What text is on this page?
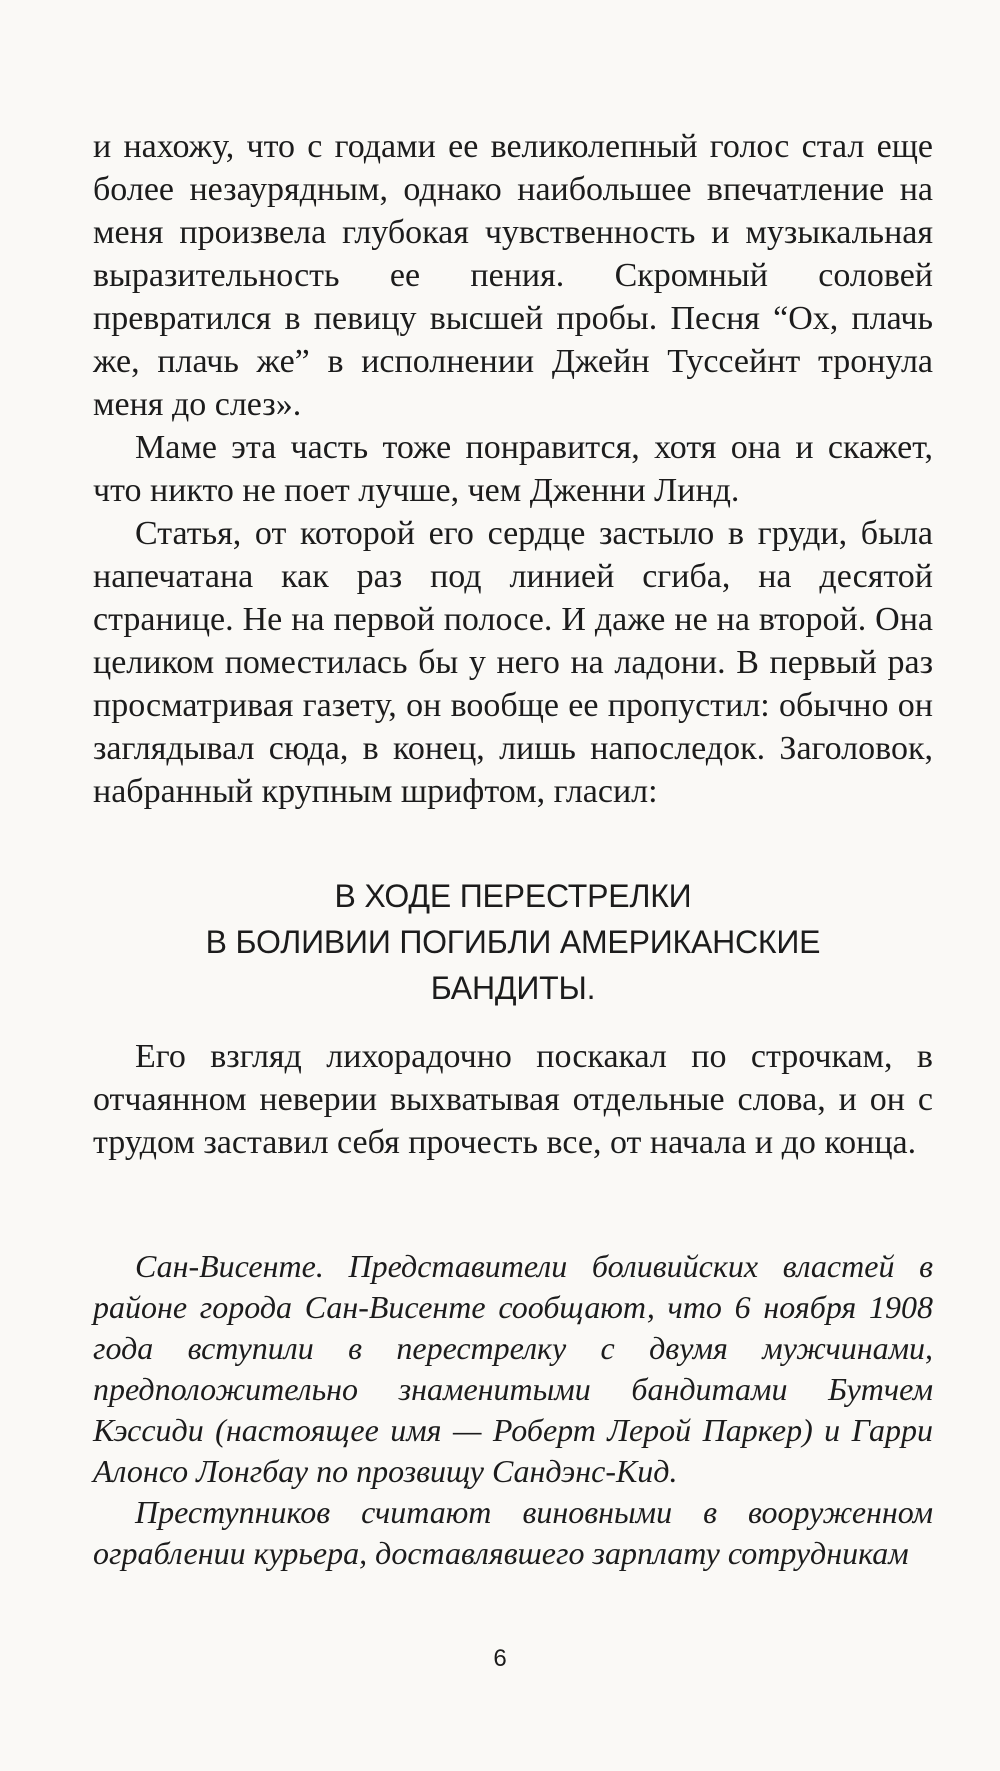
и нахожу, что с годами ее великолепный голос стал еще более незаурядным, однако наибольшее впечатление на меня произвела глубокая чувственность и музыкальная выразительность ее пения. Скромный соловей превратился в певицу высшей пробы. Песня “Ох, плачь же, плачь же” в исполнении Джейн Туссейнт тронула меня до слез».

Маме эта часть тоже понравится, хотя она и скажет, что никто не поет лучше, чем Дженни Линд.

Статья, от которой его сердце застыло в груди, была напечатана как раз под линией сгиба, на десятой странице. Не на первой полосе. И даже не на второй. Она целиком поместилась бы у него на ладони. В первый раз просматривая газету, он вообще ее пропустил: обычно он заглядывал сюда, в конец, лишь напоследок. Заголовок, набранный крупным шрифтом, гласил:

В ХОДЕ ПЕРЕСТРЕЛКИ
В БОЛИВИИ ПОГИБЛИ АМЕРИКАНСКИЕ
БАНДИТЫ.

Его взгляд лихорадочно поскакал по строчкам, в отчаянном неверии выхватывая отдельные слова, и он с трудом заставил себя прочесть все, от начала и до конца.

Сан-Висенте. Представители боливийских властей в районе города Сан-Висенте сообщают, что 6 ноября 1908 года вступили в перестрелку с двумя мужчинами, предположительно знаменитыми бандитами Бутчем Кэссиди (настоящее имя — Роберт Лерой Паркер) и Гарри Алонсо Лонгбау по прозвищу Сандэнс-Кид.

Преступников считают виновными в вооруженном ограблении курьера, доставлявшего зарплату сотрудникам

6
